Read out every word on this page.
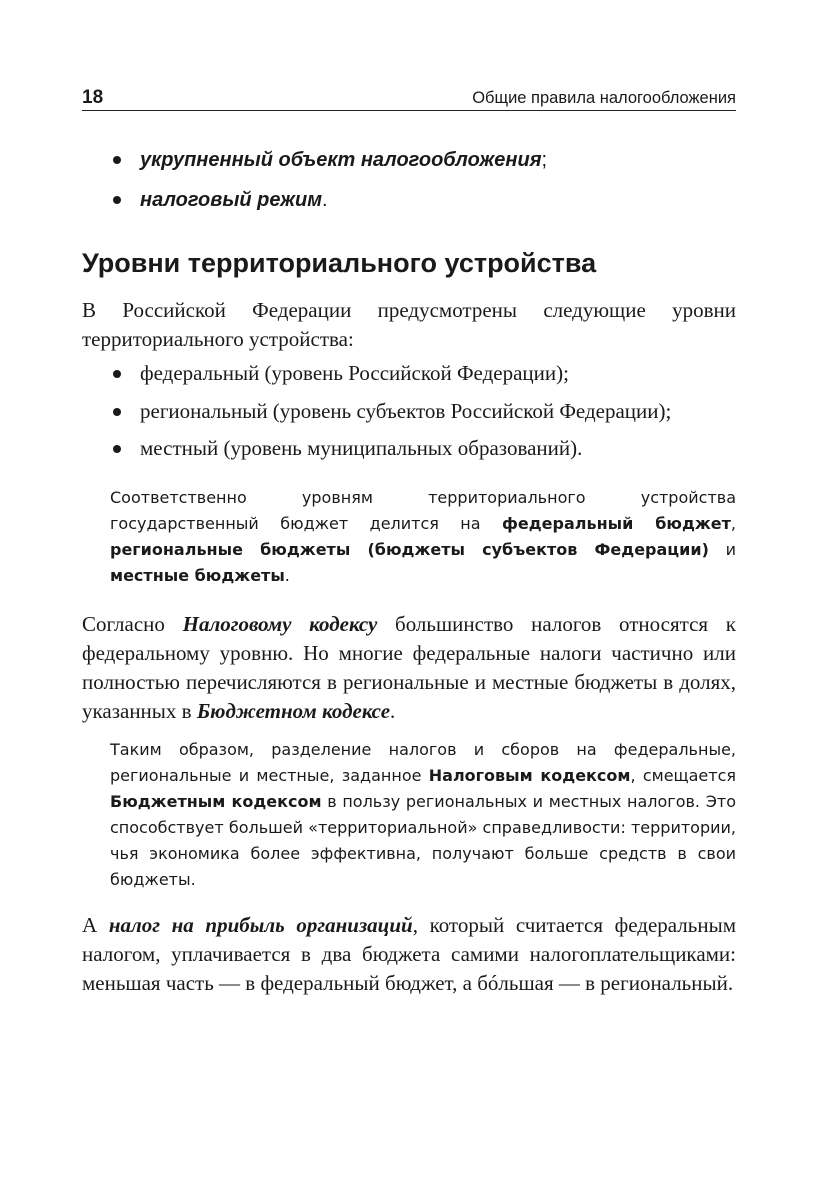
18	Общие правила налогообложения
укрупненный объект налогообложения;
налоговый режим.
Уровни территориального устройства

В Российской Федерации предусмотрены следующие уровни территориального устройства:

федеральный (уровень Российской Федерации);
региональный (уровень субъектов Российской Федерации);
местный (уровень муниципальных образований).

Соответственно уровням территориального устройства государственный бюджет делится на федеральный бюджет, региональные бюджеты (бюджеты субъектов Федерации) и местные бюджеты.

Согласно Налоговому кодексу большинство налогов относятся к федеральному уровню. Но многие федеральные налоги частично или полностью перечисляются в региональные и местные бюджеты в долях, указанных в Бюджетном кодексе.

Таким образом, разделение налогов и сборов на федеральные, региональные и местные, заданное Налоговым кодексом, смещается Бюджетным кодексом в пользу региональных и местных налогов. Это способствует большей «территориальной» справедливости: территории, чья экономика более эффективна, получают больше средств в свои бюджеты.

А налог на прибыль организаций, который считается федеральным налогом, уплачивается в два бюджета самими налогоплательщиками: меньшая часть — в федеральный бюджет, а бóльшая — в региональный.
